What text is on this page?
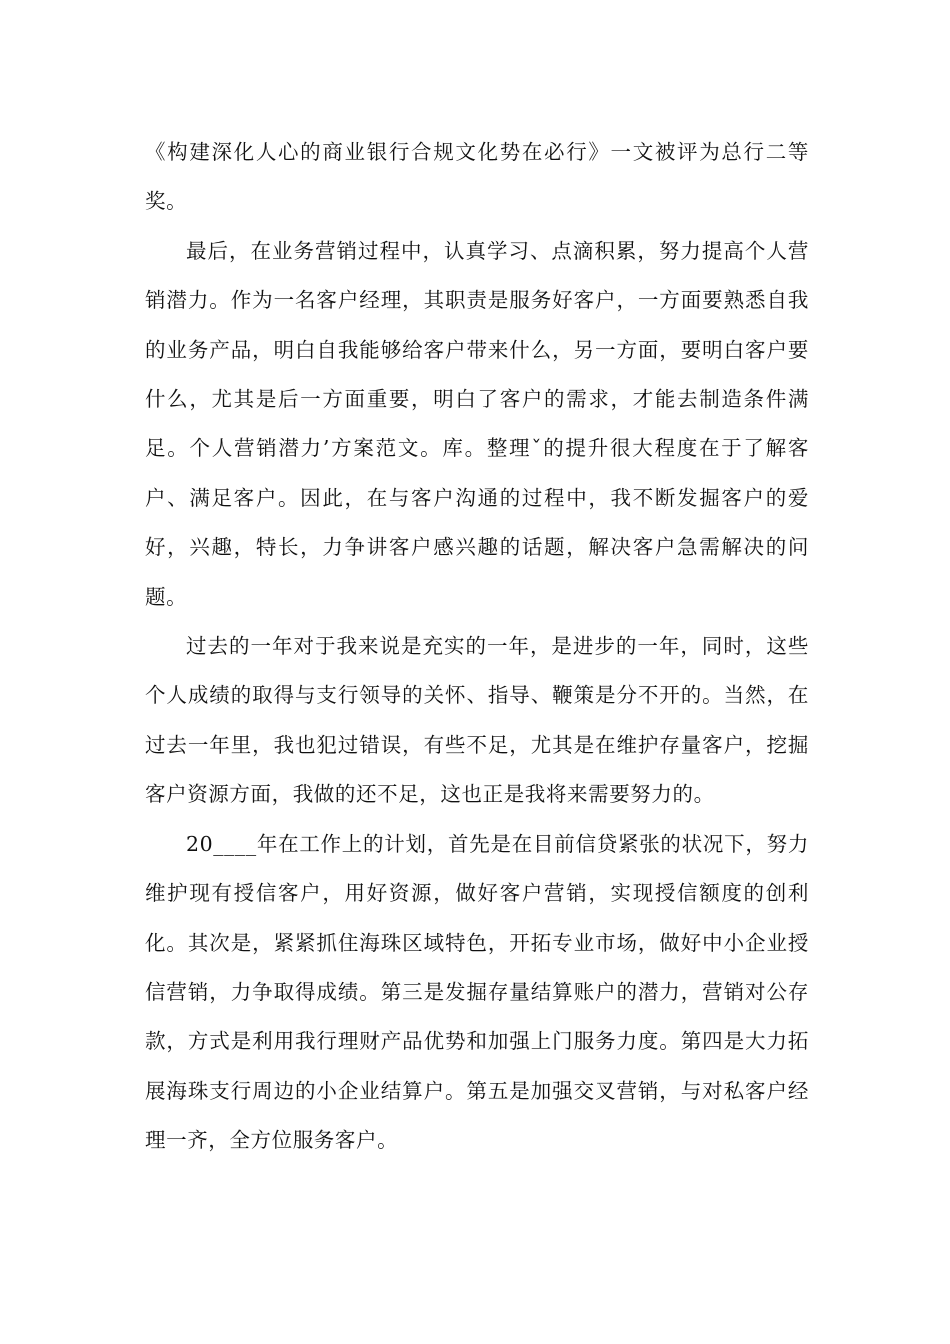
《构建深化人心的商业银行合规文化势在必行》一文被评为总行二等奖。

最后，在业务营销过程中，认真学习、点滴积累，努力提高个人营销潜力。作为一名客户经理，其职责是服务好客户，一方面要熟悉自我的业务产品，明白自我能够给客户带来什么，另一方面，要明白客户要什么，尤其是后一方面重要，明白了客户的需求，才能去制造条件满足。个人营销潜力’方案范文。库。整理ˇ的提升很大程度在于了解客户、满足客户。因此，在与客户沟通的过程中，我不断发掘客户的爱好，兴趣，特长，力争讲客户感兴趣的话题，解决客户急需解决的问题。

过去的一年对于我来说是充实的一年，是进步的一年，同时，这些个人成绩的取得与支行领导的关怀、指导、鞭策是分不开的。当然，在过去一年里，我也犯过错误，有些不足，尤其是在维护存量客户，挖掘客户资源方面，我做的还不足，这也正是我将来需要努力的。

20____年在工作上的计划，首先是在目前信贷紧张的状况下，努力维护现有授信客户，用好资源，做好客户营销，实现授信额度的创利化。其次是，紧紧抓住海珠区域特色，开拓专业市场，做好中小企业授信营销，力争取得成绩。第三是发掘存量结算账户的潜力，营销对公存款，方式是利用我行理财产品优势和加强上门服务力度。第四是大力拓展海珠支行周边的小企业结算户。第五是加强交叉营销，与对私客户经理一齐，全方位服务客户。
